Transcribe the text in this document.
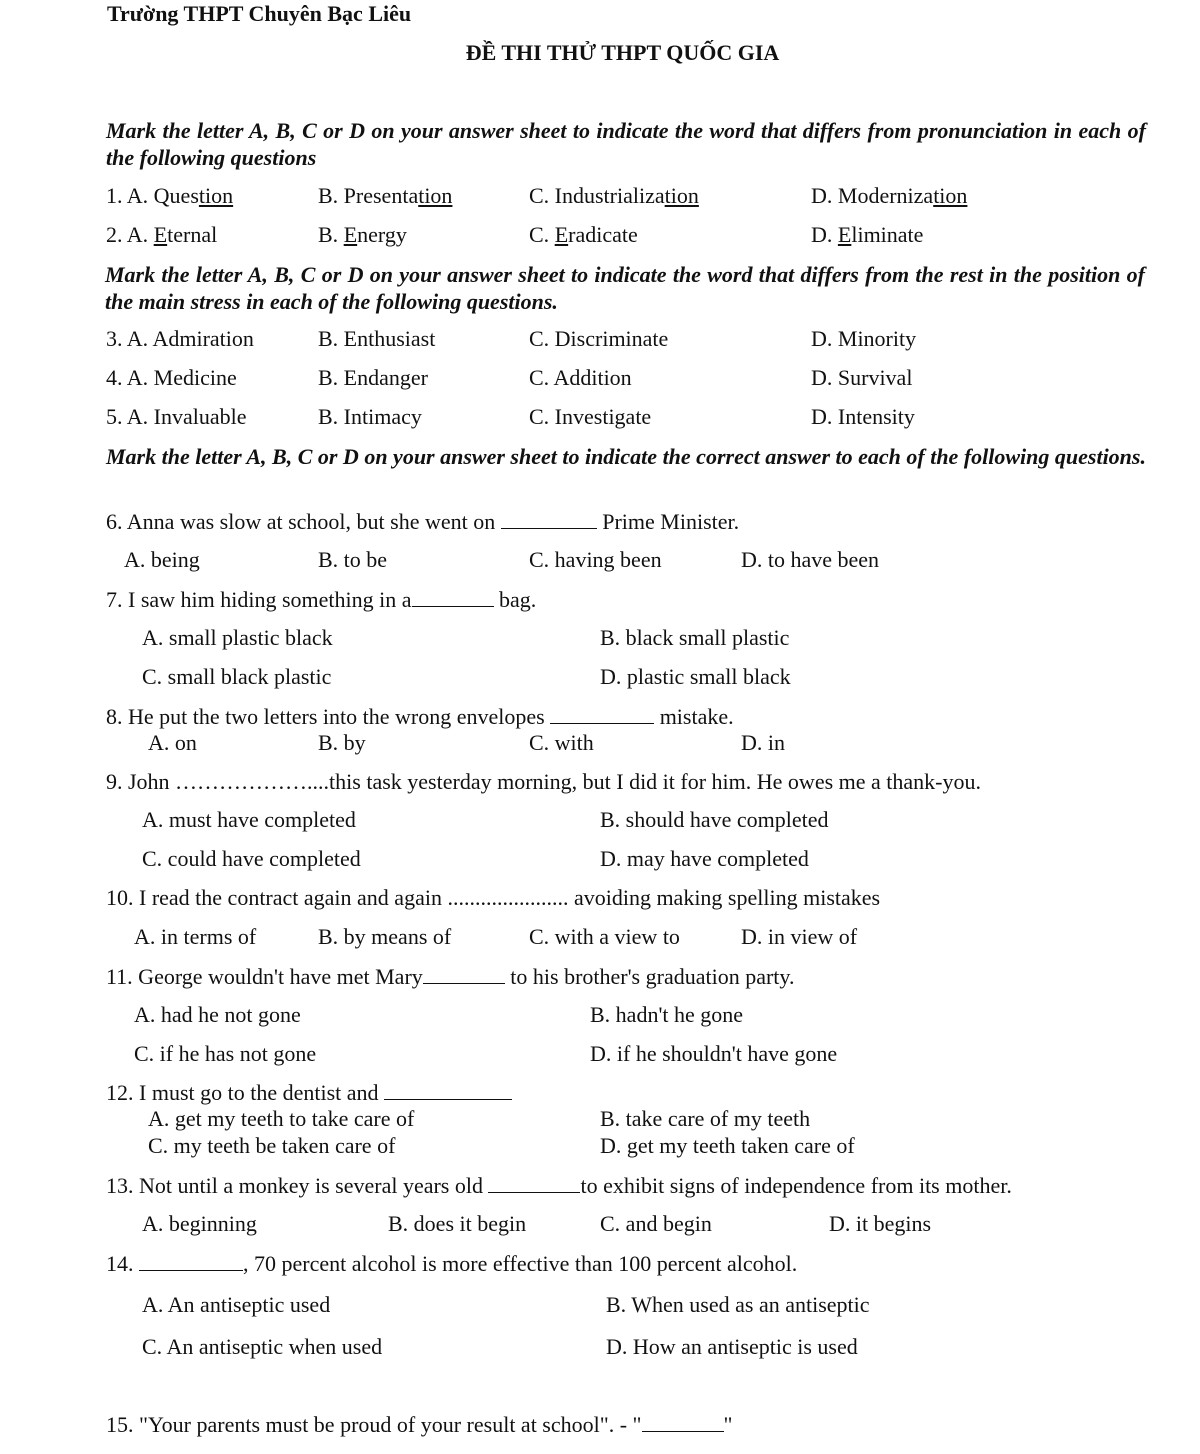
Trường THPT Chuyên Bạc Liêu
ĐỀ THI THỬ THPT QUỐC GIA
Mark the letter A, B, C or D on your answer sheet to indicate the word that differs from pronunciation in each of the following questions
1. A. Question	B. Presentation	C. Industrialization	D. Modernization
2. A. Eternal	B. Energy	C. Eradicate	D. Eliminate
Mark the letter A, B, C or D on your answer sheet to indicate the word that differs from the rest in the position of the main stress in each of the following questions.
3. A. Admiration	B. Enthusiast	C. Discriminate	D. Minority
4. A. Medicine	B. Endanger	C. Addition	D. Survival
5. A. Invaluable	B. Intimacy	C. Investigate	D. Intensity
Mark the letter A, B, C or D on your answer sheet to indicate the correct answer to each of the following questions.
6. Anna was slow at school, but she went on	Prime Minister.
A. being	B. to be	C. having been	D. to have been
7. I saw him hiding something in a	bag.
A. small plastic black	B. black small plastic
C. small black plastic	D. plastic small black
8. He put the two letters into the wrong envelopes	mistake.
A. on	B. by	C. with	D. in
9. John ………………....this task yesterday morning, but I did it for him. He owes me a thank-you.
A. must have completed	B. should have completed
C. could have completed	D. may have completed
10. I read the contract again and again ...................... avoiding making spelling mistakes
A. in terms of	B. by means of	C. with a view to	D. in view of
11. George wouldn't have met Mary	to his brother's graduation party.
A. had he not gone	B. hadn't he gone
C. if he has not gone	D. if he shouldn't have gone
12. I must go to the dentist and
A. get my teeth to take care of	B. take care of my teeth
C. my teeth be taken care of	D. get my teeth taken care of
13. Not until a monkey is several years old	to exhibit signs of independence from its mother.
A. beginning	B. does it begin	C. and begin	D. it begins
14.	, 70 percent alcohol is more effective than 100 percent alcohol.
A. An antiseptic used	B. When used as an antiseptic
C. An antiseptic when used	D. How an antiseptic is used
15. "Your parents must be proud of your result at school". - "	"
